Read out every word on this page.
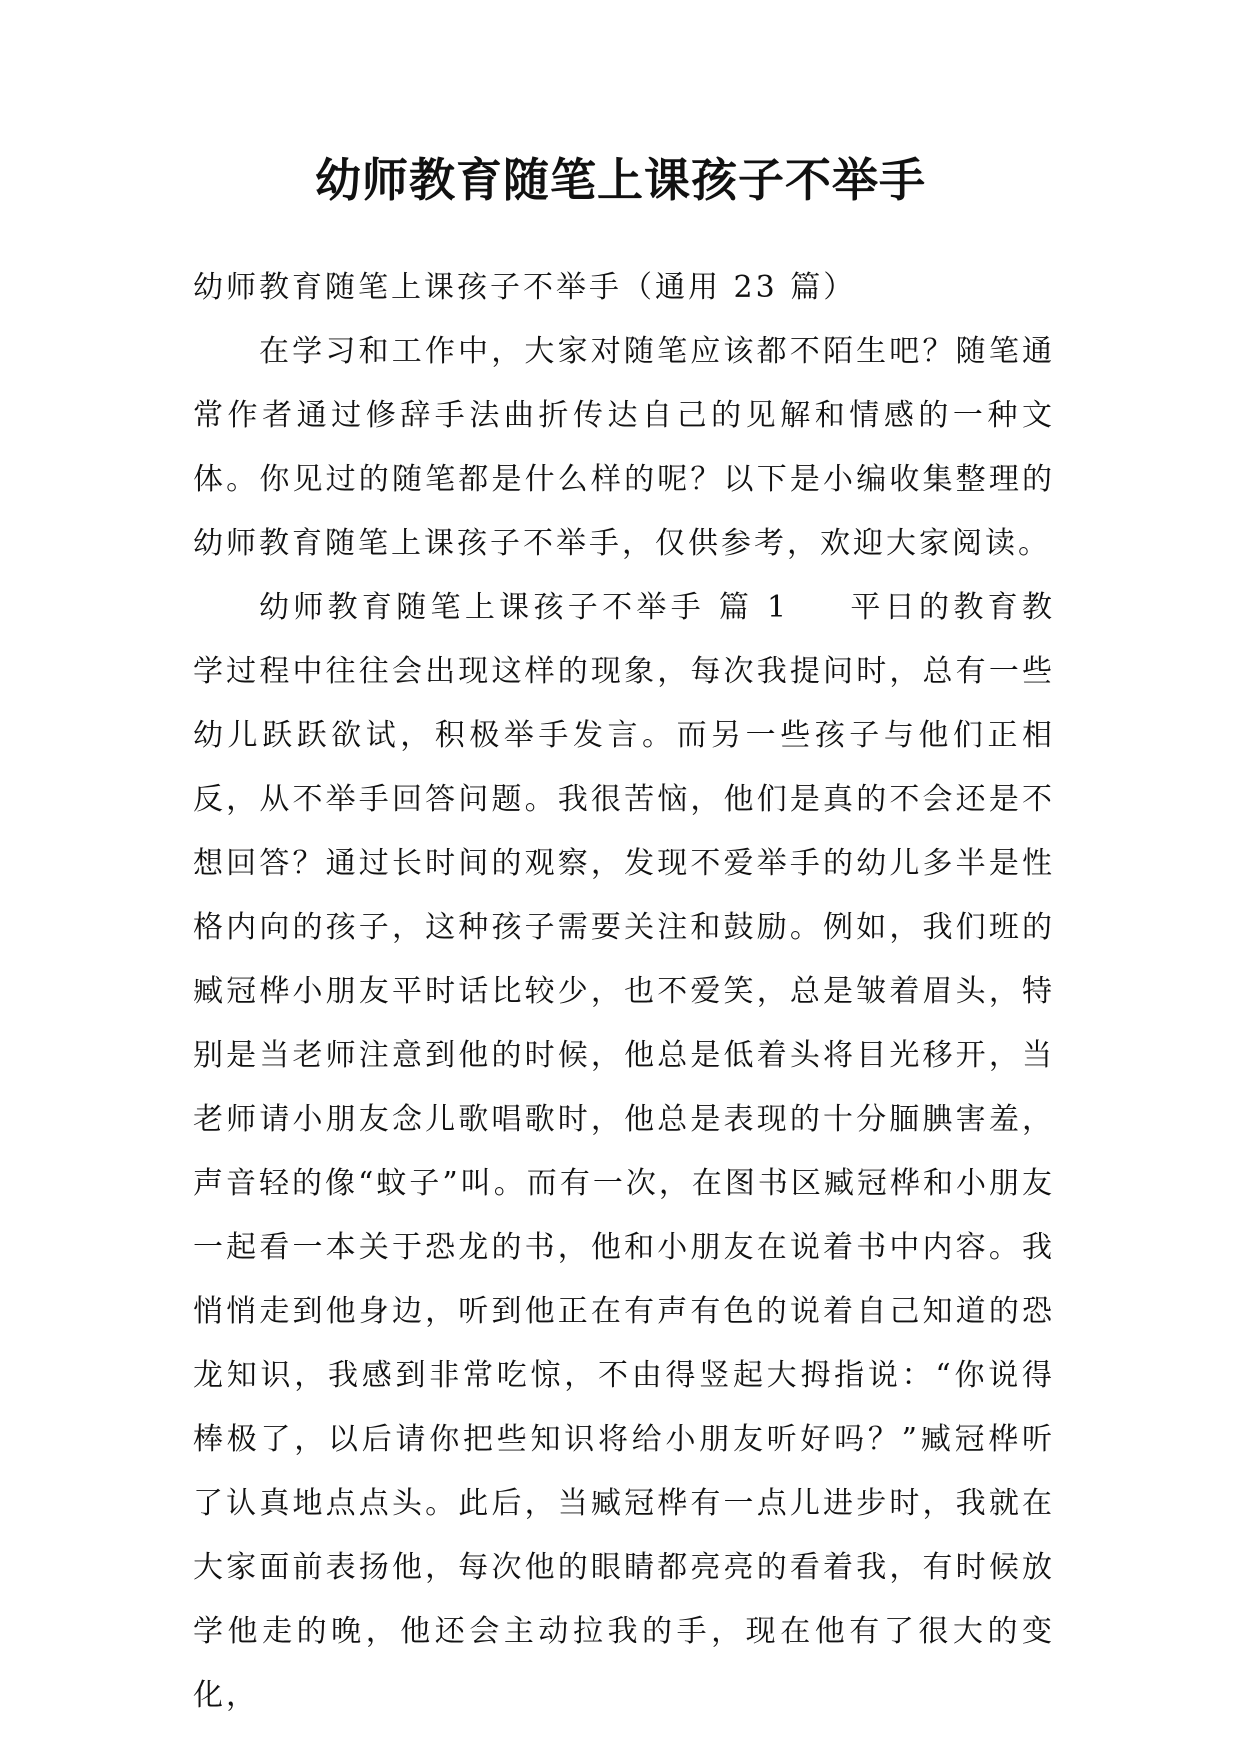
幼师教育随笔上课孩子不举手

幼师教育随笔上课孩子不举手（通用 23 篇）

在学习和工作中，大家对随笔应该都不陌生吧？随笔通常作者通过修辞手法曲折传达自己的见解和情感的一种文体。你见过的随笔都是什么样的呢？以下是小编收集整理的幼师教育随笔上课孩子不举手，仅供参考，欢迎大家阅读。

幼师教育随笔上课孩子不举手 篇 1 平日的教育教学过程中往往会出现这样的现象，每次我提问时，总有一些幼儿跃跃欲试，积极举手发言。而另一些孩子与他们正相反，从不举手回答问题。我很苦恼，他们是真的不会还是不想回答？通过长时间的观察，发现不爱举手的幼儿多半是性格内向的孩子，这种孩子需要关注和鼓励。例如，我们班的臧冠桦小朋友平时话比较少，也不爱笑，总是皱着眉头，特别是当老师注意到他的时候，他总是低着头将目光移开，当老师请小朋友念儿歌唱歌时，他总是表现的十分腼腆害羞，声音轻的像“蚊子”叫。而有一次，在图书区臧冠桦和小朋友一起看一本关于恐龙的书，他和小朋友在说着书中内容。我悄悄走到他身边，听到他正在有声有色的说着自己知道的恐龙知识，我感到非常吃惊，不由得竖起大拇指说：“你说得棒极了，以后请你把些知识将给小朋友听好吗？”臧冠桦听了认真地点点头。此后，当臧冠桦有一点儿进步时，我就在大家面前表扬他，每次他的眼睛都亮亮的看着我，有时候放学他走的晚，他还会主动拉我的手，现在他有了很大的变化，
